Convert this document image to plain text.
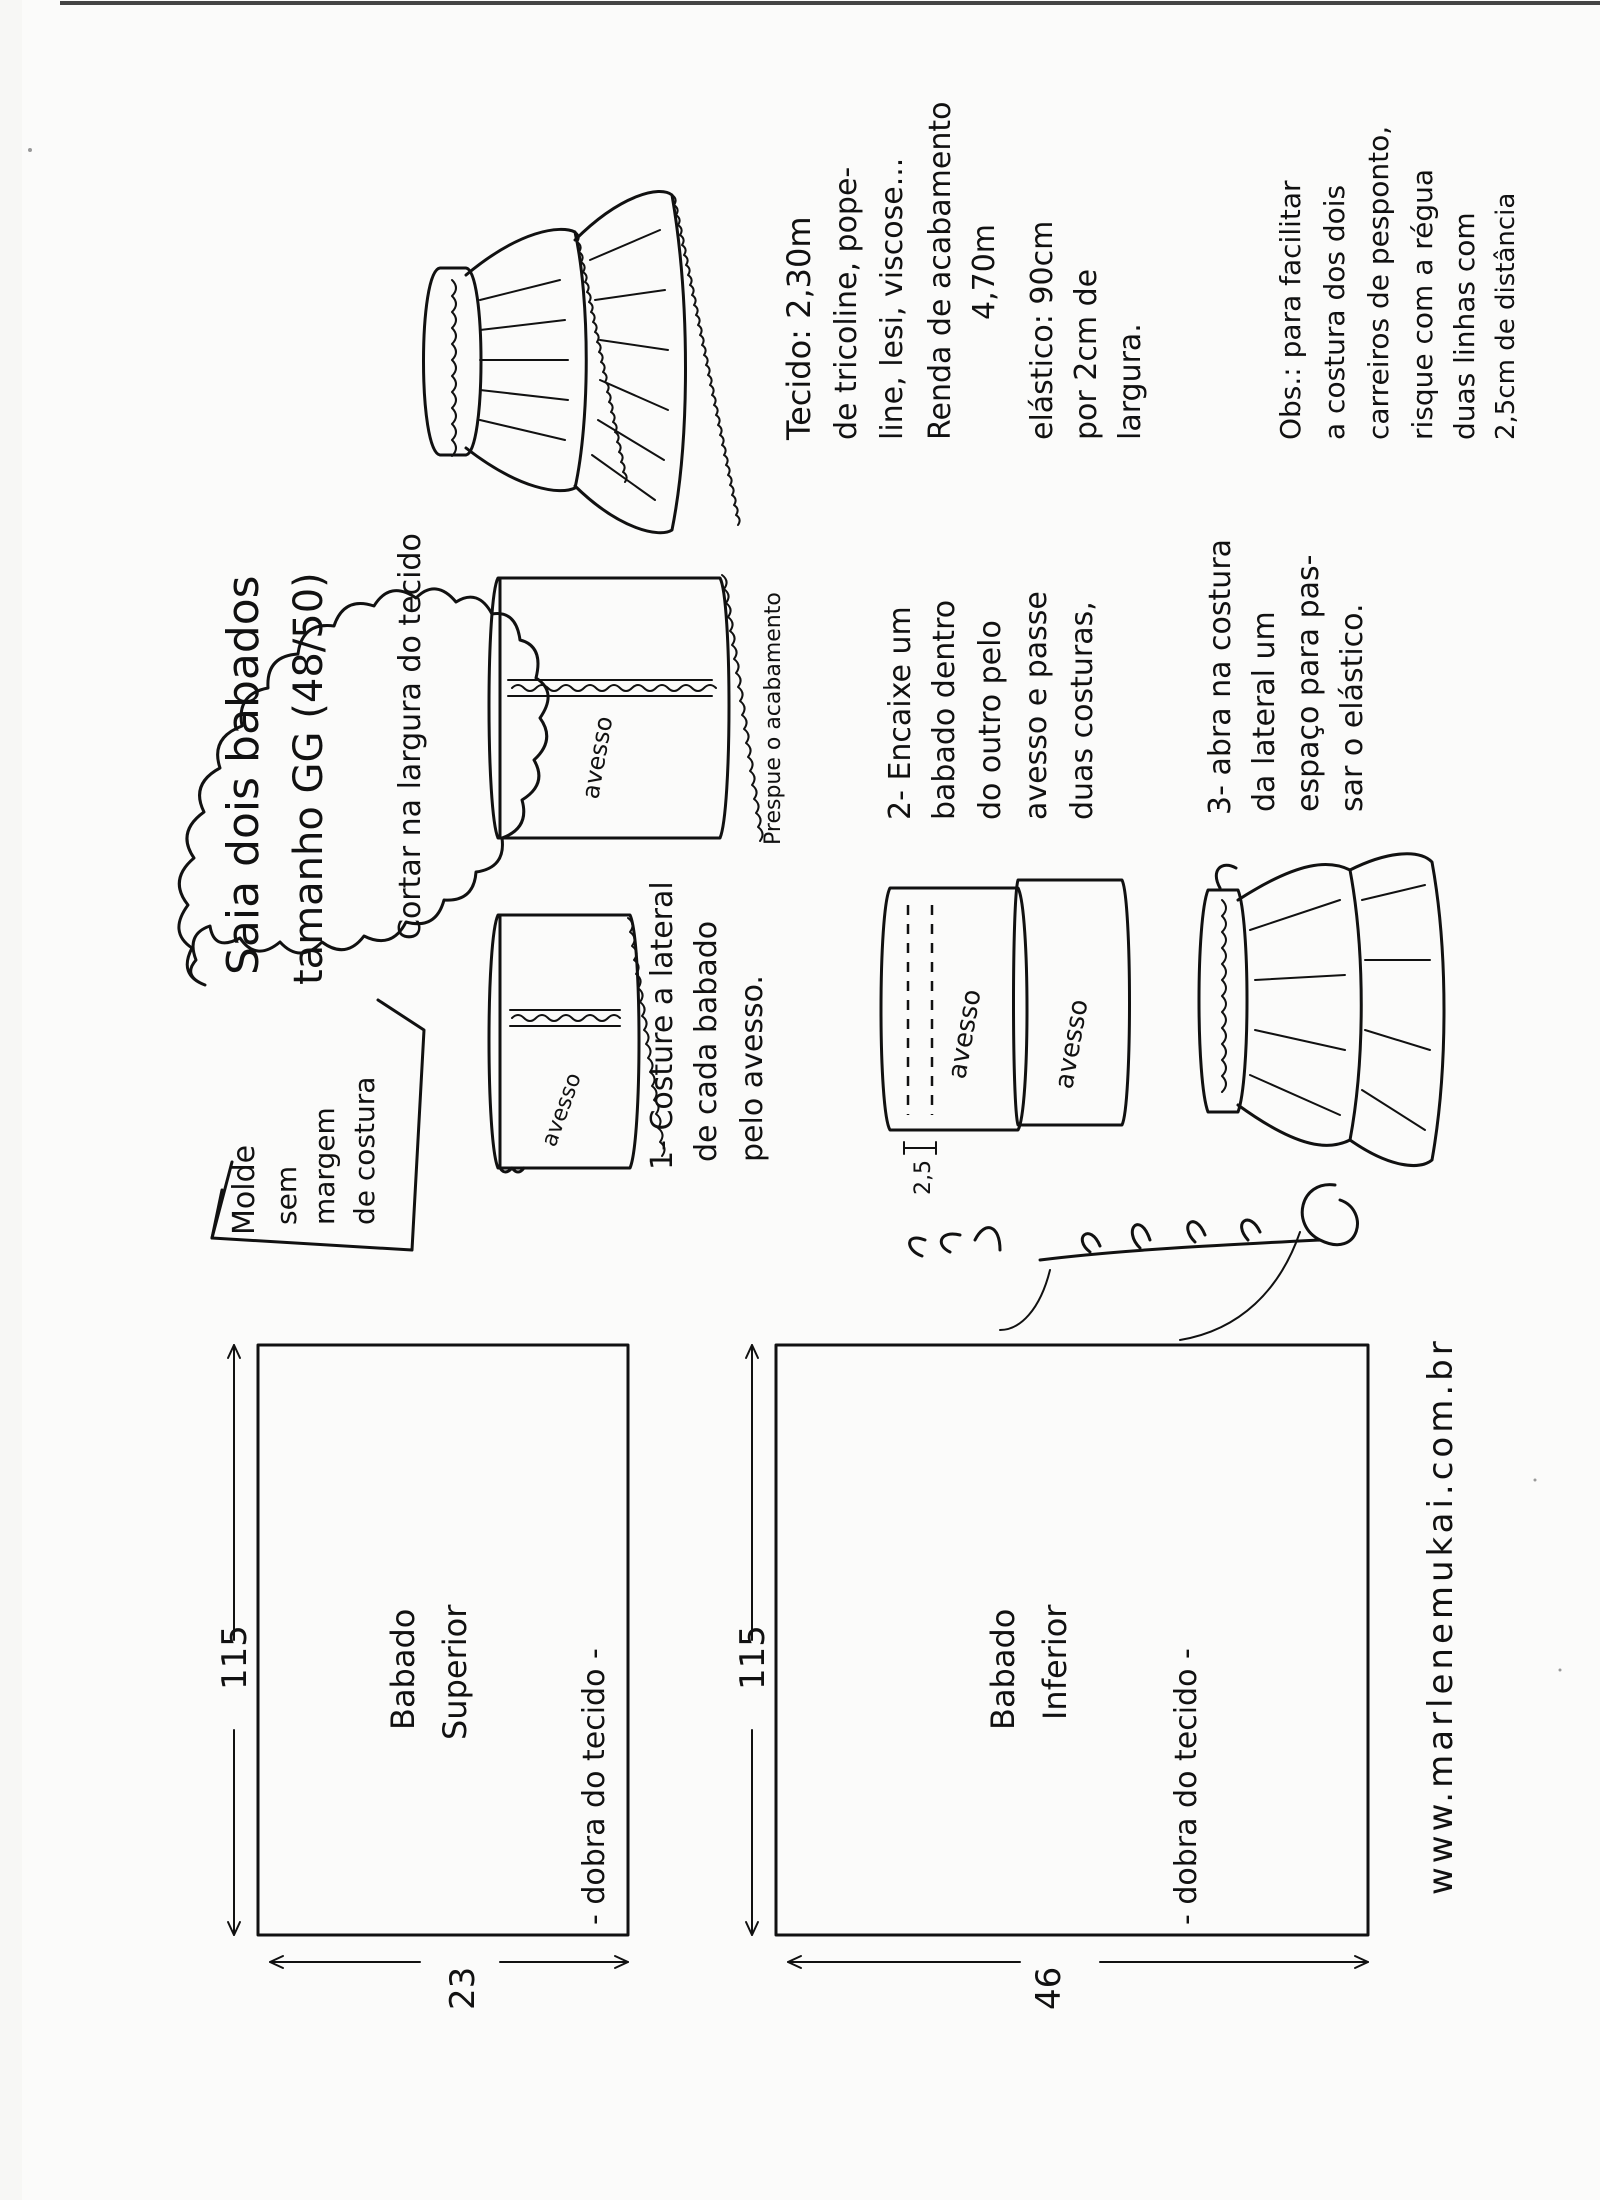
Saia dois babados tamanho GG (48/50) Cortar na largura do tecido
Molde sem margem de costura	avesso
avesso	Prespue o acabamento
1- Costure a lateral de cada babado pelo avesso.
2- Encaixe um babado dentro do outro pelo avesso e passe duas costuras,
avesso avesso
2,5
3- abra na costura da lateral um espaço para pas- sar o elástico.
Marlene Mukai
Tecido: 2,30m de tricoline, pope- line, lesi, viscose... Renda de acabamento 4,70m elástico: 90cm por 2cm de largura.	Obs.: para facilitar a costura dos dois carreiros de pesponto, risque com a régua duas linhas com 2,5cm de distância
115
23
- dobra do tecido -
Babado Superior	115
46
- dobra do tecido -
Babado Inferior	www.marlenemukai.com.br
